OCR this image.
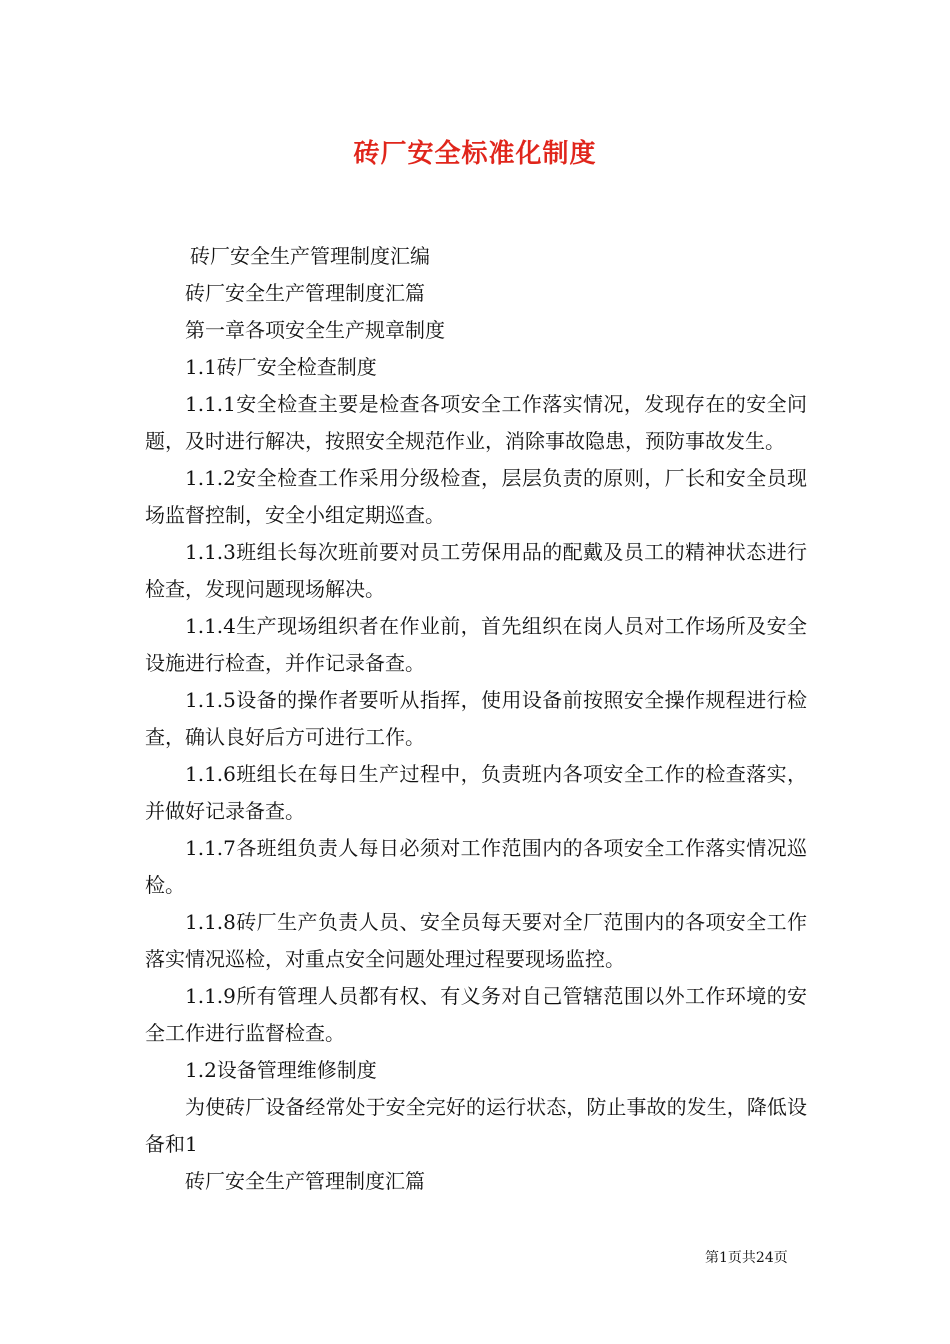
砖厂安全标准化制度

砖厂安全生产管理制度汇编

砖厂安全生产管理制度汇篇

第一章各项安全生产规章制度

1.1砖厂安全检查制度

1.1.1安全检查主要是检查各项安全工作落实情况，发现存在的安全问题，及时进行解决，按照安全规范作业，消除事故隐患，预防事故发生。

1.1.2安全检查工作采用分级检查，层层负责的原则，厂长和安全员现场监督控制，安全小组定期巡查。

1.1.3班组长每次班前要对员工劳保用品的配戴及员工的精神状态进行检查，发现问题现场解决。

1.1.4生产现场组织者在作业前，首先组织在岗人员对工作场所及安全设施进行检查，并作记录备查。

1.1.5设备的操作者要听从指挥，使用设备前按照安全操作规程进行检查，确认良好后方可进行工作。

1.1.6班组长在每日生产过程中，负责班内各项安全工作的检查落实，并做好记录备查。

1.1.7各班组负责人每日必须对工作范围内的各项安全工作落实情况巡检。

1.1.8砖厂生产负责人员、安全员每天要对全厂范围内的各项安全工作落实情况巡检，对重点安全问题处理过程要现场监控。

1.1.9所有管理人员都有权、有义务对自己管辖范围以外工作环境的安全工作进行监督检查。

1.2设备管理维修制度

为使砖厂设备经常处于安全完好的运行状态，防止事故的发生，降低设备和1

砖厂安全生产管理制度汇篇

第1页共24页
